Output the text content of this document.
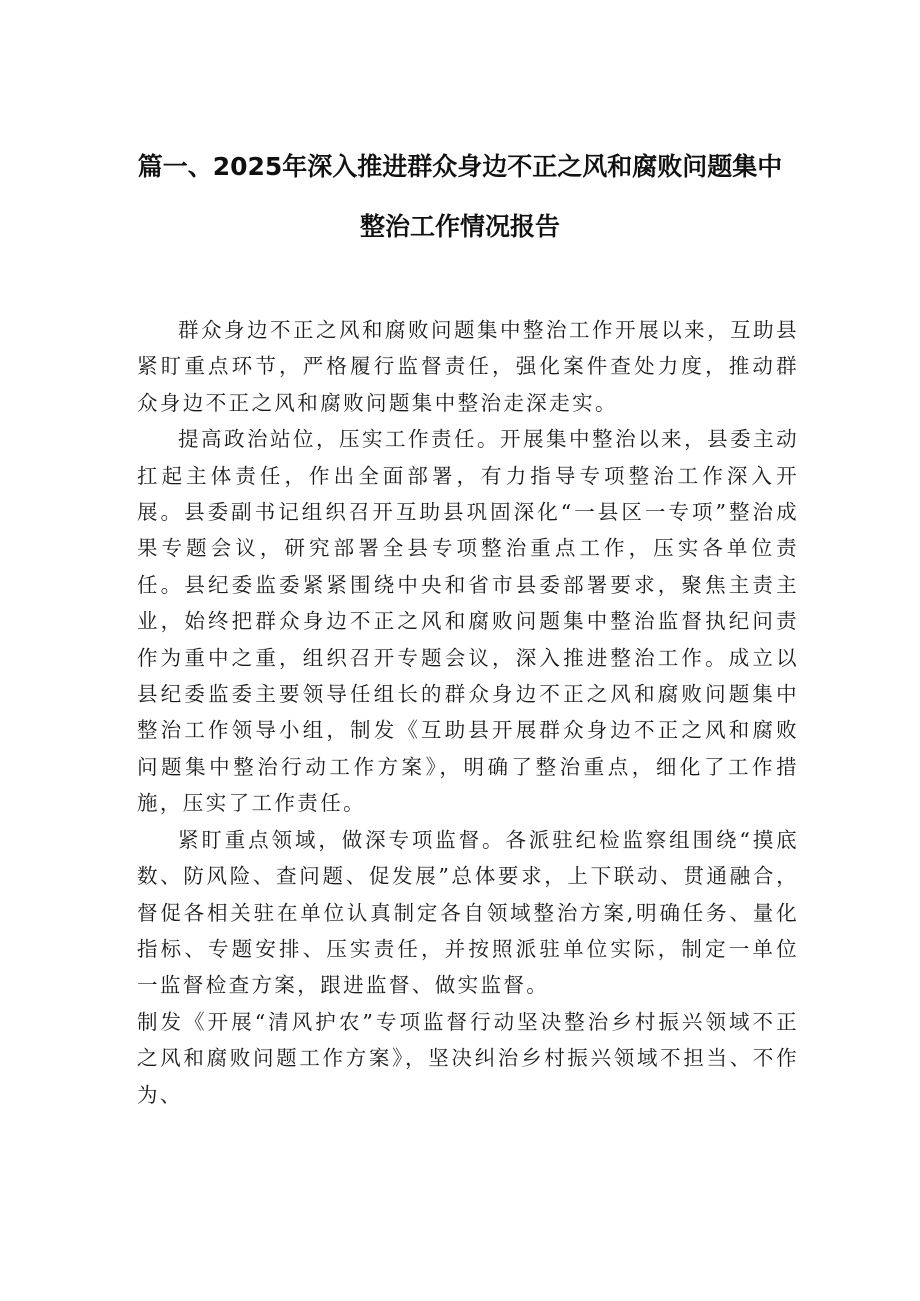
篇一、2025年深入推进群众身边不正之风和腐败问题集中
整治工作情况报告

群众身边不正之风和腐败问题集中整治工作开展以来，互助县紧盯重点环节，严格履行监督责任，强化案件查处力度，推动群众身边不正之风和腐败问题集中整治走深走实。

提高政治站位，压实工作责任。开展集中整治以来，县委主动扛起主体责任，作出全面部署，有力指导专项整治工作深入开展。县委副书记组织召开互助县巩固深化“一县区一专项”整治成果专题会议，研究部署全县专项整治重点工作，压实各单位责任。县纪委监委紧紧围绕中央和省市县委部署要求，聚焦主责主业，始终把群众身边不正之风和腐败问题集中整治监督执纪问责作为重中之重，组织召开专题会议，深入推进整治工作。成立以县纪委监委主要领导任组长的群众身边不正之风和腐败问题集中整治工作领导小组，制发《互助县开展群众身边不正之风和腐败问题集中整治行动工作方案》，明确了整治重点，细化了工作措施，压实了工作责任。

紧盯重点领域，做深专项监督。各派驻纪检监察组围绕“摸底数、防风险、查问题、促发展”总体要求，上下联动、贯通融合，督促各相关驻在单位认真制定各自领域整治方案,明确任务、量化指标、专题安排、压实责任，并按照派驻单位实际，制定一单位一监督检查方案，跟进监督、做实监督。

制发《开展“清风护农”专项监督行动坚决整治乡村振兴领域不正之风和腐败问题工作方案》，坚决纠治乡村振兴领域不担当、不作为、
